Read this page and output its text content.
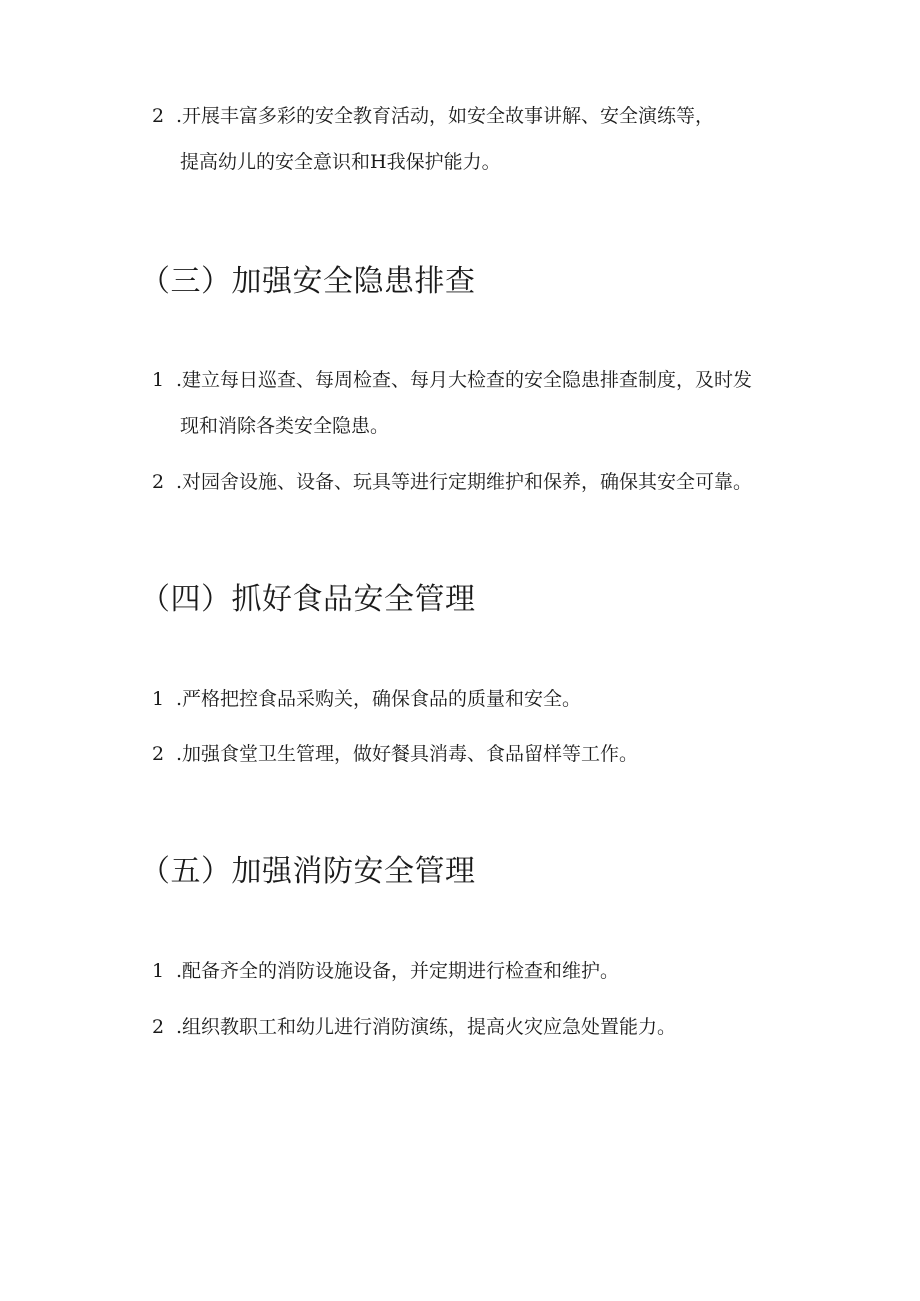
2 .开展丰富多彩的安全教育活动，如安全故事讲解、安全演练等，
提高幼儿的安全意识和H我保护能力。
（三）加强安全隐患排查
1 .建立每日巡查、每周检查、每月大检查的安全隐患排查制度，及时发
现和消除各类安全隐患。
2 .对园舍设施、设备、玩具等进行定期维护和保养，确保其安全可靠。
（四）抓好食品安全管理
1 .严格把控食品采购关，确保食品的质量和安全。
2 .加强食堂卫生管理，做好餐具消毒、食品留样等工作。
（五）加强消防安全管理
1 .配备齐全的消防设施设备，并定期进行检查和维护。
2 .组织教职工和幼儿进行消防演练，提高火灾应急处置能力。
